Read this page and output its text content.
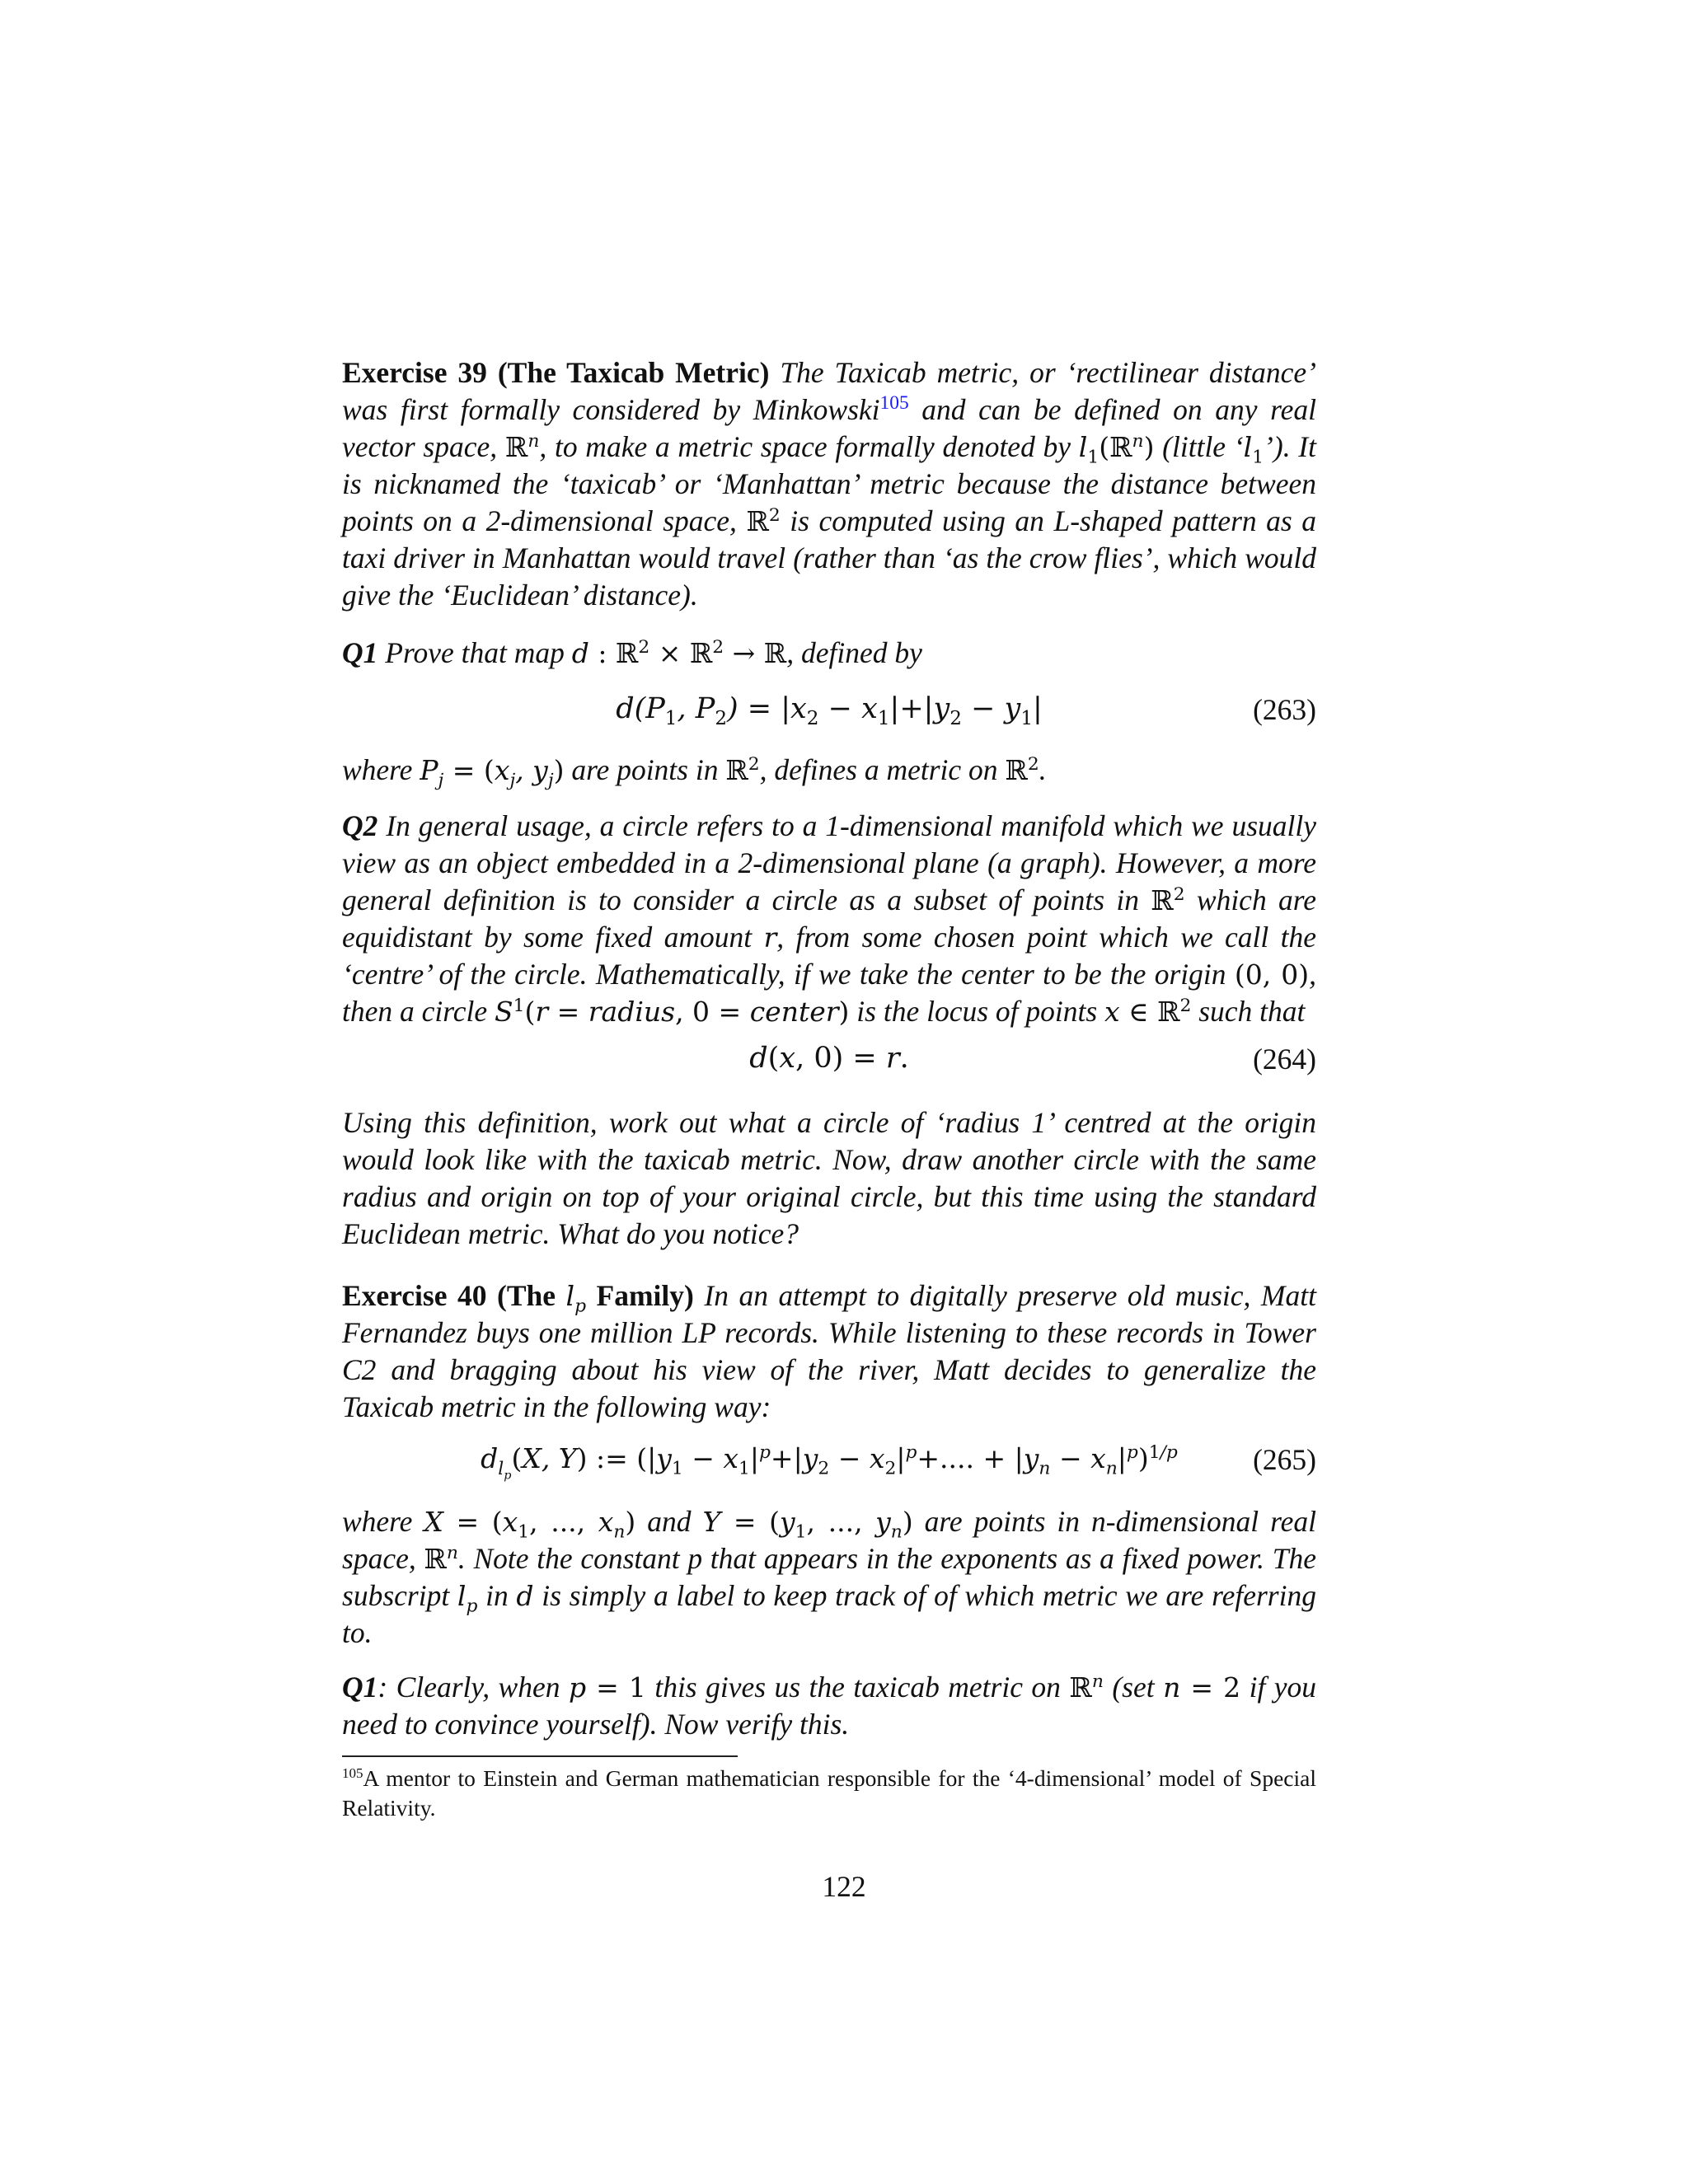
Exercise 39 (The Taxicab Metric) The Taxicab metric, or ‘rectilinear distance’ was first formally considered by Minkowski$^{105}$ and can be defined on any real vector space, ℝ$^n$, to make a metric space formally denoted by $l_1(ℝ^n)$ (little ‘$l_1$’). It is nicknamed the ‘taxicab’ or ‘Manhattan’ metric because the distance between points on a 2-dimensional space, ℝ$^2$ is computed using an L-shaped pattern as a taxi driver in Manhattan would travel (rather than ‘as the crow flies’, which would give the ‘Euclidean’ distance).

Q1 Prove that map d : ℝ$^2$ × ℝ$^2$ → ℝ, defined by

$d(P_1$, $P_2) = |x_2 - x_1|+|y_2 - y_1|$	(263)

where $P_j = (x_j$, $y_j$) are points in ℝ$^2$, defines a metric on ℝ$^2$.

Q2 In general usage, a circle refers to a 1-dimensional manifold which we usually view as an object embedded in a 2-dimensional plane (a graph). However, a more general definition is to consider a circle as a subset of points in ℝ$^2$ which are equidistant by some fixed amount r, from some chosen point which we call the ‘centre’ of the circle. Mathematically, if we take the center to be the origin (0, 0), then a circle $S^1(r$ = radius, 0 = center) is the locus of points x ∈ ℝ$^2$ such that

d(x, 0) = r.	(264)

Using this definition, work out what a circle of ‘radius 1’ centred at the origin would look like with the taxicab metric. Now, draw another circle with the same radius and origin on top of your original circle, but this time using the standard Euclidean metric. What do you notice?

Exercise 40 (The $l_p$ Family) In an attempt to digitally preserve old music, Matt Fernandez buys one million LP records. While listening to these records in Tower C2 and bragging about his view of the river, Matt decides to generalize the Taxicab metric in the following way:

$d_{l_p}(X$, Y) := ($|y_1 - x_1|^p+|y_2 - x_2|^p+$.... + $|y_n - x_n|^p)^{1/p}$	(265)

where $X = (x_1$, ..., $x_n$) and $Y = (y_1$, ..., $y_n$) are points in n-dimensional real space, ℝ$^n$. Note the constant p that appears in the exponents as a fixed power. The subscript $l_p$ in d is simply a label to keep track of of which metric we are referring to.

Q1: Clearly, when p = 1 this gives us the taxicab metric on ℝ$^n$ (set n = 2 if you need to convince yourself). Now verify this.

$^{105}$A mentor to Einstein and German mathematician responsible for the ‘4-dimensional’ model of Special Relativity.
122
